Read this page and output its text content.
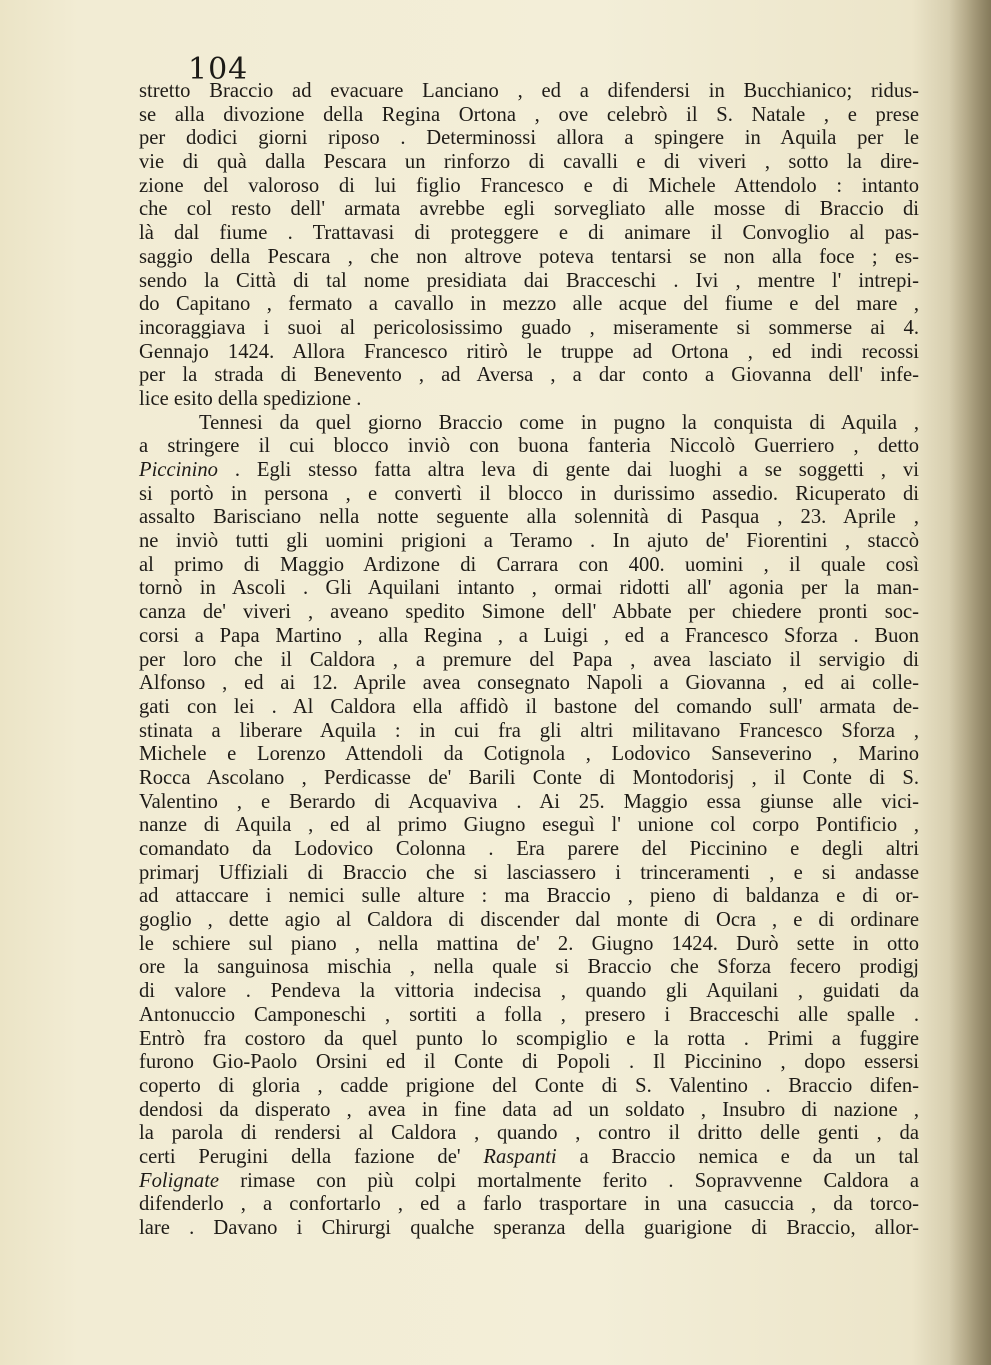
104
stretto Braccio ad evacuare Lanciano , ed a difendersi in Bucchianico; ridus-
se alla divozione della Regina Ortona , ove celebrò il S. Natale , e prese
per dodici giorni riposo . Determinossi allora a spingere in Aquila per le
vie di quà dalla Pescara un rinforzo di cavalli e di viveri , sotto la dire-
zione del valoroso di lui figlio Francesco e di Michele Attendolo : intanto
che col resto dell' armata avrebbe egli sorvegliato alle mosse di Braccio di
là dal fiume . Trattavasi di proteggere e di animare il Convoglio al pas-
saggio della Pescara , che non altrove poteva tentarsi se non alla foce ; es-
sendo la Città di tal nome presidiata dai Bracceschi . Ivi , mentre l' intrepi-
do Capitano , fermato a cavallo in mezzo alle acque del fiume e del mare ,
incoraggiava i suoi al pericolosissimo guado , miseramente si sommerse ai 4.
Gennajo 1424. Allora Francesco ritirò le truppe ad Ortona , ed indi recossi
per la strada di Benevento , ad Aversa , a dar conto a Giovanna dell' infe-
lice esito della spedizione .
Tennesi da quel giorno Braccio come in pugno la conquista di Aquila ,
a stringere il cui blocco inviò con buona fanteria Niccolò Guerriero , detto
Piccinino . Egli stesso fatta altra leva di gente dai luoghi a se soggetti , vi
si portò in persona , e convertì il blocco in durissimo assedio. Ricuperato di
assalto Barisciano nella notte seguente alla solennità di Pasqua , 23. Aprile ,
ne inviò tutti gli uomini prigioni a Teramo . In ajuto de' Fiorentini , staccò
al primo di Maggio Ardizone di Carrara con 400. uomini , il quale così
tornò in Ascoli . Gli Aquilani intanto , ormai ridotti all' agonia per la man-
canza de' viveri , aveano spedito Simone dell' Abbate per chiedere pronti soc-
corsi a Papa Martino , alla Regina , a Luigi , ed a Francesco Sforza . Buon
per loro che il Caldora , a premure del Papa , avea lasciato il servigio di
Alfonso , ed ai 12. Aprile avea consegnato Napoli a Giovanna , ed ai colle-
gati con lei . Al Caldora ella affidò il bastone del comando sull' armata de-
stinata a liberare Aquila : in cui fra gli altri militavano Francesco Sforza ,
Michele e Lorenzo Attendoli da Cotignola , Lodovico Sanseverino , Marino
Rocca Ascolano , Perdicasse de' Barili Conte di Montodorisj , il Conte di S.
Valentino , e Berardo di Acquaviva . Ai 25. Maggio essa giunse alle vici-
nanze di Aquila , ed al primo Giugno eseguì l' unione col corpo Pontificio ,
comandato da Lodovico Colonna . Era parere del Piccinino e degli altri
primarj Uffiziali di Braccio che si lasciassero i trinceramenti , e si andasse
ad attaccare i nemici sulle alture : ma Braccio , pieno di baldanza e di or-
goglio , dette agio al Caldora di discender dal monte di Ocra , e di ordinare
le schiere sul piano , nella mattina de' 2. Giugno 1424. Durò sette in otto
ore la sanguinosa mischia , nella quale si Braccio che Sforza fecero prodigj
di valore . Pendeva la vittoria indecisa , quando gli Aquilani , guidati da
Antonuccio Camponeschi , sortiti a folla , presero i Bracceschi alle spalle .
Entrò fra costoro da quel punto lo scompiglio e la rotta . Primi a fuggire
furono Gio-Paolo Orsini ed il Conte di Popoli . Il Piccinino , dopo essersi
coperto di gloria , cadde prigione del Conte di S. Valentino . Braccio difen-
dendosi da disperato , avea in fine data ad un soldato , Insubro di nazione ,
la parola di rendersi al Caldora , quando , contro il dritto delle genti , da
certi Perugini della fazione de' Raspanti a Braccio nemica e da un tal
Folignate rimase con più colpi mortalmente ferito . Sopravvenne Caldora a
difenderlo , a confortarlo , ed a farlo trasportare in una casuccia , da torco-
lare . Davano i Chirurgi qualche speranza della guarigione di Braccio, allor-
